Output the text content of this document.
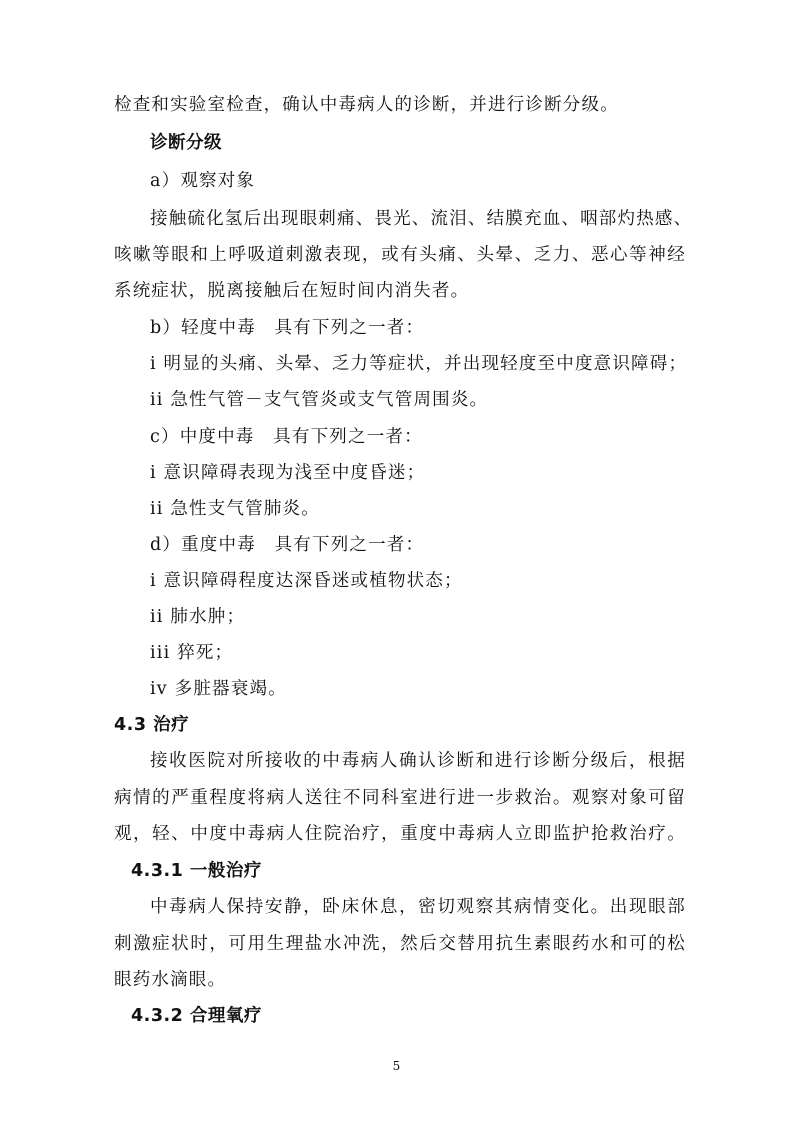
检查和实验室检查，确认中毒病人的诊断，并进行诊断分级。
诊断分级
a）观察对象
接触硫化氢后出现眼刺痛、畏光、流泪、结膜充血、咽部灼热感、
咳嗽等眼和上呼吸道刺激表现，或有头痛、头晕、乏力、恶心等神经
系统症状，脱离接触后在短时间内消失者。
b）轻度中毒　具有下列之一者：
i 明显的头痛、头晕、乏力等症状，并出现轻度至中度意识障碍；
ii 急性气管－支气管炎或支气管周围炎。
c）中度中毒　具有下列之一者：
i 意识障碍表现为浅至中度昏迷；
ii 急性支气管肺炎。
d）重度中毒　具有下列之一者：
i 意识障碍程度达深昏迷或植物状态；
ii 肺水肿；
iii 猝死；
iv 多脏器衰竭。
4.3 治疗
接收医院对所接收的中毒病人确认诊断和进行诊断分级后，根据
病情的严重程度将病人送往不同科室进行进一步救治。观察对象可留
观，轻、中度中毒病人住院治疗，重度中毒病人立即监护抢救治疗。
4.3.1 一般治疗
中毒病人保持安静，卧床休息，密切观察其病情变化。出现眼部
刺激症状时，可用生理盐水冲洗，然后交替用抗生素眼药水和可的松
眼药水滴眼。
4.3.2 合理氧疗
5
